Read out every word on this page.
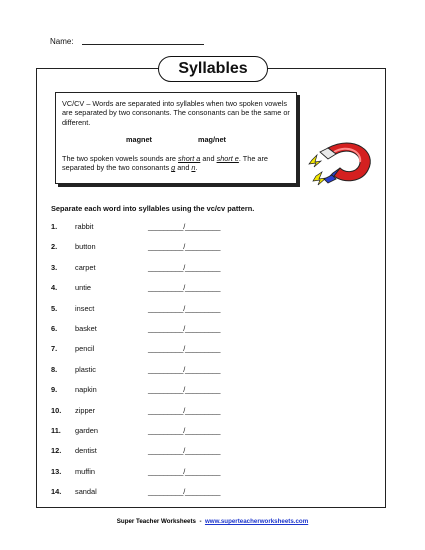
Name:
Syllables

VC/CV – Words are separated into syllables when two spoken vowels are separated by two consonants. The consonants can be the same or different.

magnet	mag/net

The two spoken vowels sounds are short a and short e. The are separated by the two consonants g and n.

Separate each word into syllables using the vc/cv pattern.
1. rabbit	_________/_________
2. button	_________/_________
3. carpet	_________/_________
4. untie	_________/_________
5. insect	_________/_________
6. basket	_________/_________
7. pencil	_________/_________
8. plastic	_________/_________
9. napkin	_________/_________
10. zipper	_________/_________
11. garden	_________/_________
12. dentist	_________/_________
13. muffin	_________/_________
14. sandal	_________/_________
Super Teacher Worksheets  -  www.superteacherworksheets.com
